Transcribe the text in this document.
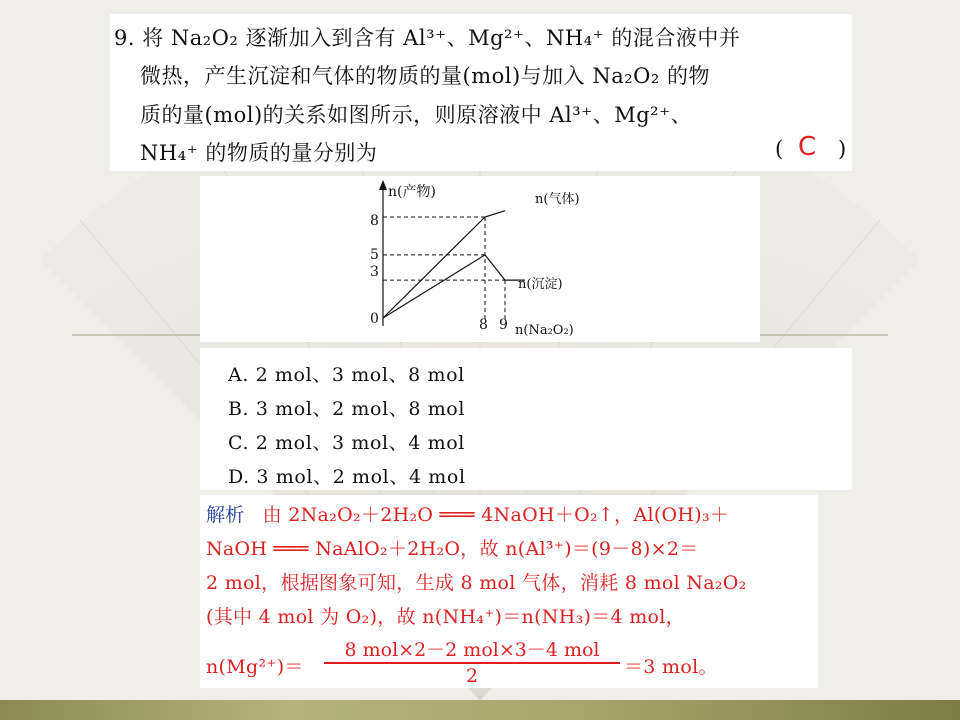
9. 将 Na₂O₂ 逐渐加入到含有 Al³⁺、Mg²⁺、NH₄⁺ 的混合液中并
微热，产生沉淀和气体的物质的量(mol)与加入 Na₂O₂ 的物
质的量(mol)的关系如图所示，则原溶液中 Al³⁺、Mg²⁺、
NH₄⁺ 的物质的量分别为	( C )
n(产物)
n(Na₂O₂)
n(气体)
n(沉淀)
8
5
3
0	8 9
A. 2 mol、3 mol、8 mol
B. 3 mol、2 mol、8 mol
C. 2 mol、3 mol、4 mol
D. 3 mol、2 mol、4 mol
解析 由 2Na₂O₂＋2H₂O ═══ 4NaOH＋O₂↑，Al(OH)₃＋
NaOH ═══ NaAlO₂＋2H₂O，故 n(Al³⁺)＝(9－8)×2＝
2 mol，根据图象可知，生成 8 mol 气体，消耗 8 mol Na₂O₂
(其中 4 mol 为 O₂)，故 n(NH₄⁺)＝n(NH₃)＝4 mol，
n(Mg²⁺)＝
8 mol×2－2 mol×3－4 mol
2	＝3 mol。
